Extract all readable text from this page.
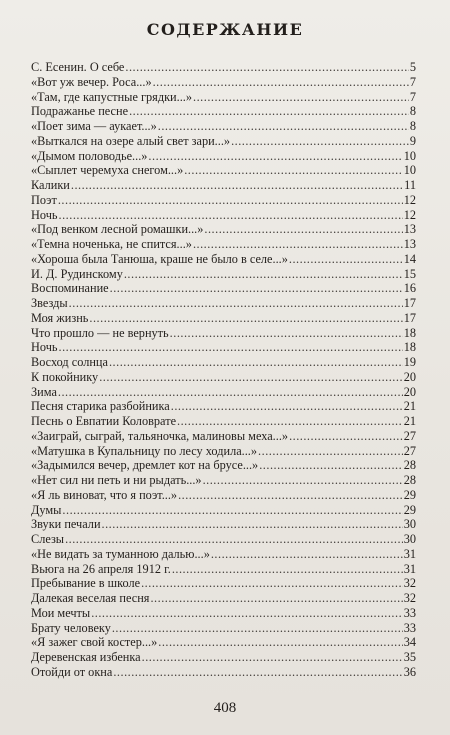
СОДЕРЖАНИЕ
С. Есенин. О себе .....	5
«Вот уж вечер. Роса...» .....	7
«Там, где капустные грядки...» .....	7
Подражанье песне .....	8
«Поет зима — аукает...» .....	8
«Выткался на озере алый свет зари...» .....	9
«Дымом половодье...» .....	10
«Сыплет черемуха снегом...» .....	10
Калики .....	11
Поэт .....	12
Ночь .....	12
«Под венком лесной ромашки...» .....	13
«Темна ноченька, не спится...» .....	13
«Хороша была Танюша, краше не было в селе...» .....	14
И. Д. Рудинскому .....	15
Воспоминание .....	16
Звезды .....	17
Моя жизнь .....	17
Что прошло — не вернуть .....	18
Ночь .....	18
Восход солнца .....	19
К покойнику .....	20
Зима .....	20
Песня старика разбойника .....	21
Песнь о Евпатии Коловрате .....	21
«Заиграй, сыграй, тальяночка, малиновы меха...» .....	27
«Матушка в Купальницу по лесу ходила...» .....	27
«Задымился вечер, дремлет кот на брусе...» .....	28
«Нет сил ни петь и ни рыдать...» .....	28
«Я ль виноват, что я поэт...» .....	29
Думы .....	29
Звуки печали .....	30
Слезы .....	30
«Не видать за туманною далью...» .....	31
Вьюга на 26 апреля 1912 г. .....	31
Пребывание в школе .....	32
Далекая веселая песня .....	32
Мои мечты .....	33
Брату человеку .....	33
«Я зажег свой костер...» .....	34
Деревенская избенка .....	35
Отойди от окна .....	36
408
